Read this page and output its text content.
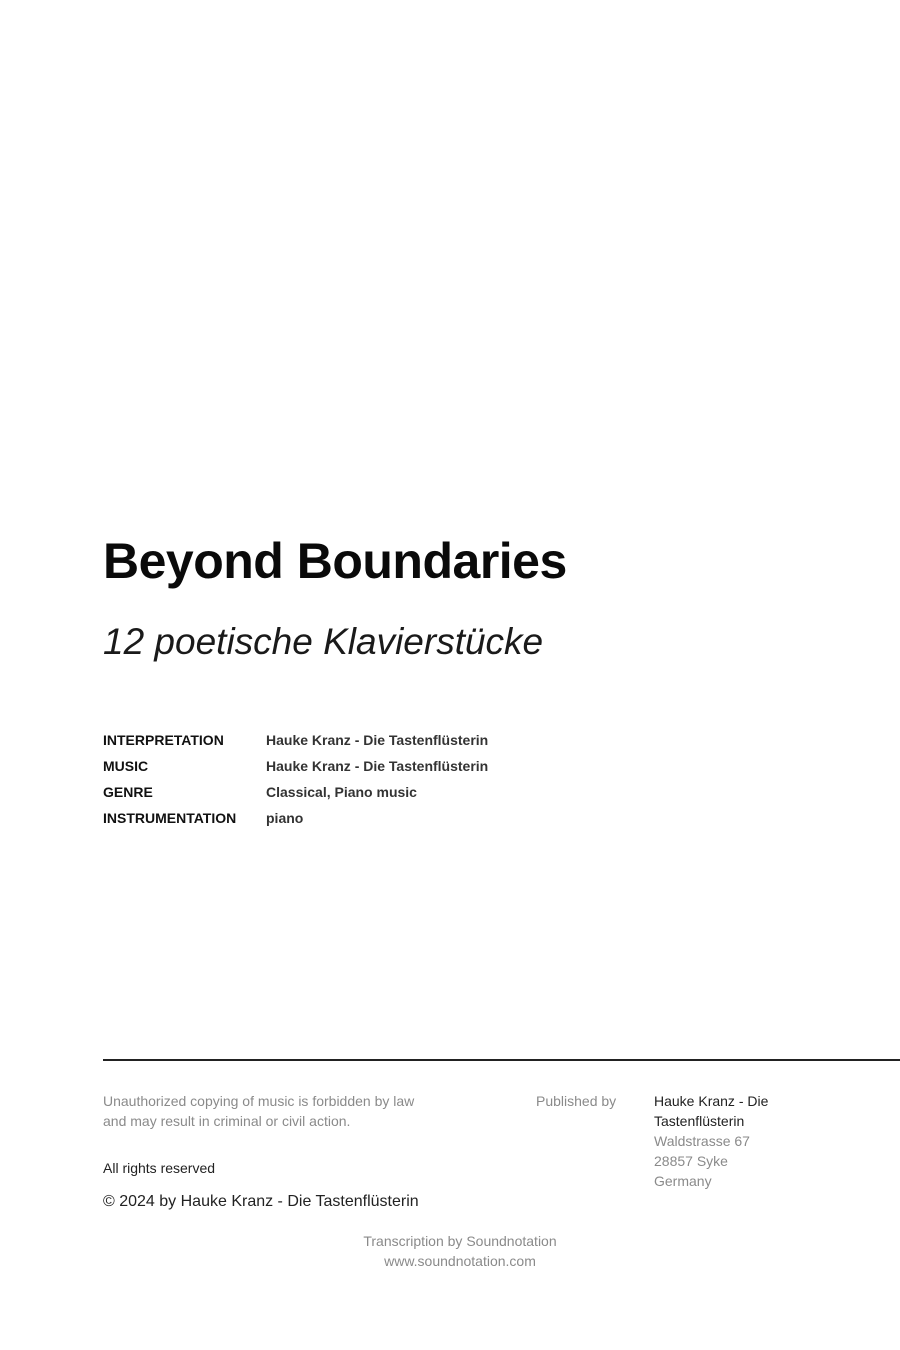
Beyond Boundaries
12 poetische Klavierstücke
INTERPRETATION	Hauke Kranz - Die Tastenflüsterin
MUSIC	Hauke Kranz - Die Tastenflüsterin
GENRE	Classical, Piano music
INSTRUMENTATION	piano
Unauthorized copying of music is forbidden by law
and may result in criminal or civil action.
All rights reserved
© 2024 by Hauke Kranz - Die Tastenflüsterin
Published by	Hauke Kranz - Die
Tastenflüsterin
Waldstrasse 67
28857 Syke
Germany
Transcription by Soundnotation
www.soundnotation.com
